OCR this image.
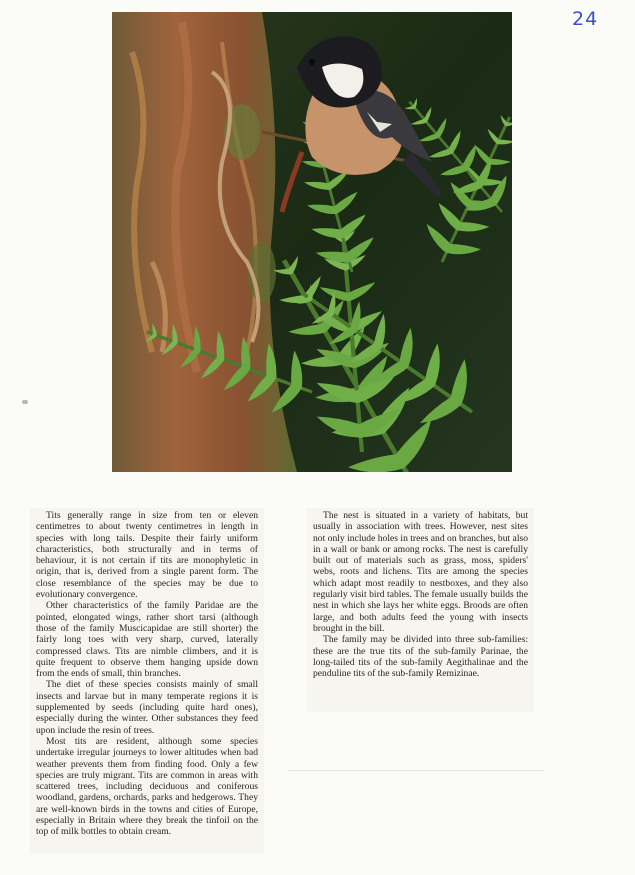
24

Tits generally range in size from ten or eleven centimetres to about twenty centimetres in length in species with long tails. Despite their fairly uniform characteristics, both structurally and in terms of behaviour, it is not certain if tits are monophyletic in origin, that is, derived from a single parent form. The close resemblance of the species may be due to evolutionary convergence.

Other characteristics of the family Paridae are the pointed, elongated wings, rather short tarsi (although those of the family Muscicapidae are still shorter) the fairly long toes with very sharp, curved, laterally compressed claws. Tits are nimble climbers, and it is quite frequent to observe them hanging upside down from the ends of small, thin branches.

The diet of these species consists mainly of small insects and larvae but in many temperate regions it is supplemented by seeds (including quite hard ones), especially during the winter. Other substances they feed upon include the resin of trees.

Most tits are resident, although some species undertake irregular journeys to lower altitudes when bad weather prevents them from finding food. Only a few species are truly migrant. Tits are common in areas with scattered trees, including deciduous and coniferous woodland, gardens, orchards, parks and hedgerows. They are well-known birds in the towns and cities of Europe, especially in Britain where they break the tinfoil on the top of milk bottles to obtain cream.

The nest is situated in a variety of habitats, but usually in association with trees. However, nest sites not only include holes in trees and on branches, but also in a wall or bank or among rocks. The nest is carefully built out of materials such as grass, moss, spiders' webs, roots and lichens. Tits are among the species which adapt most readily to nestboxes, and they also regularly visit bird tables. The female usually builds the nest in which she lays her white eggs. Broods are often large, and both adults feed the young with insects brought in the bill.

The family may be divided into three sub-families: these are the true tits of the sub-family Parinae, the long-tailed tits of the sub-family Aegithalinae and the penduline tits of the sub-family Remizinae.
